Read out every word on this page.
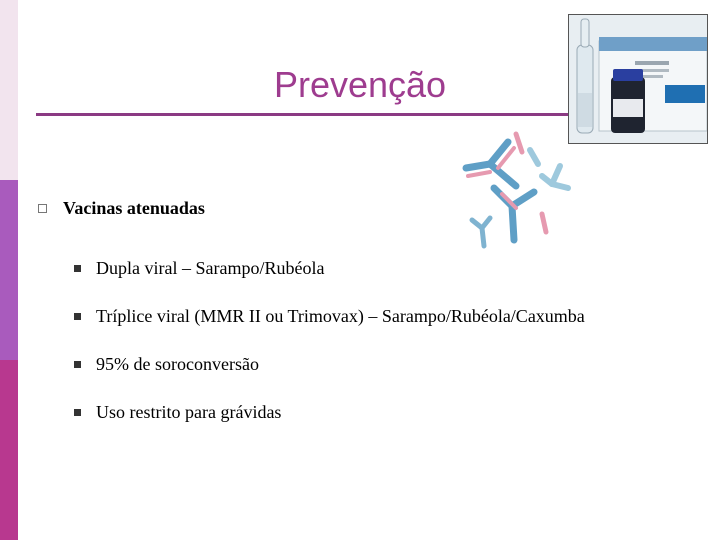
Prevenção
Vacinas atenuadas
Dupla viral – Sarampo/Rubéola
Tríplice viral (MMR II ou Trimovax) – Sarampo/Rubéola/Caxumba
95% de soroconversão
Uso restrito para grávidas
